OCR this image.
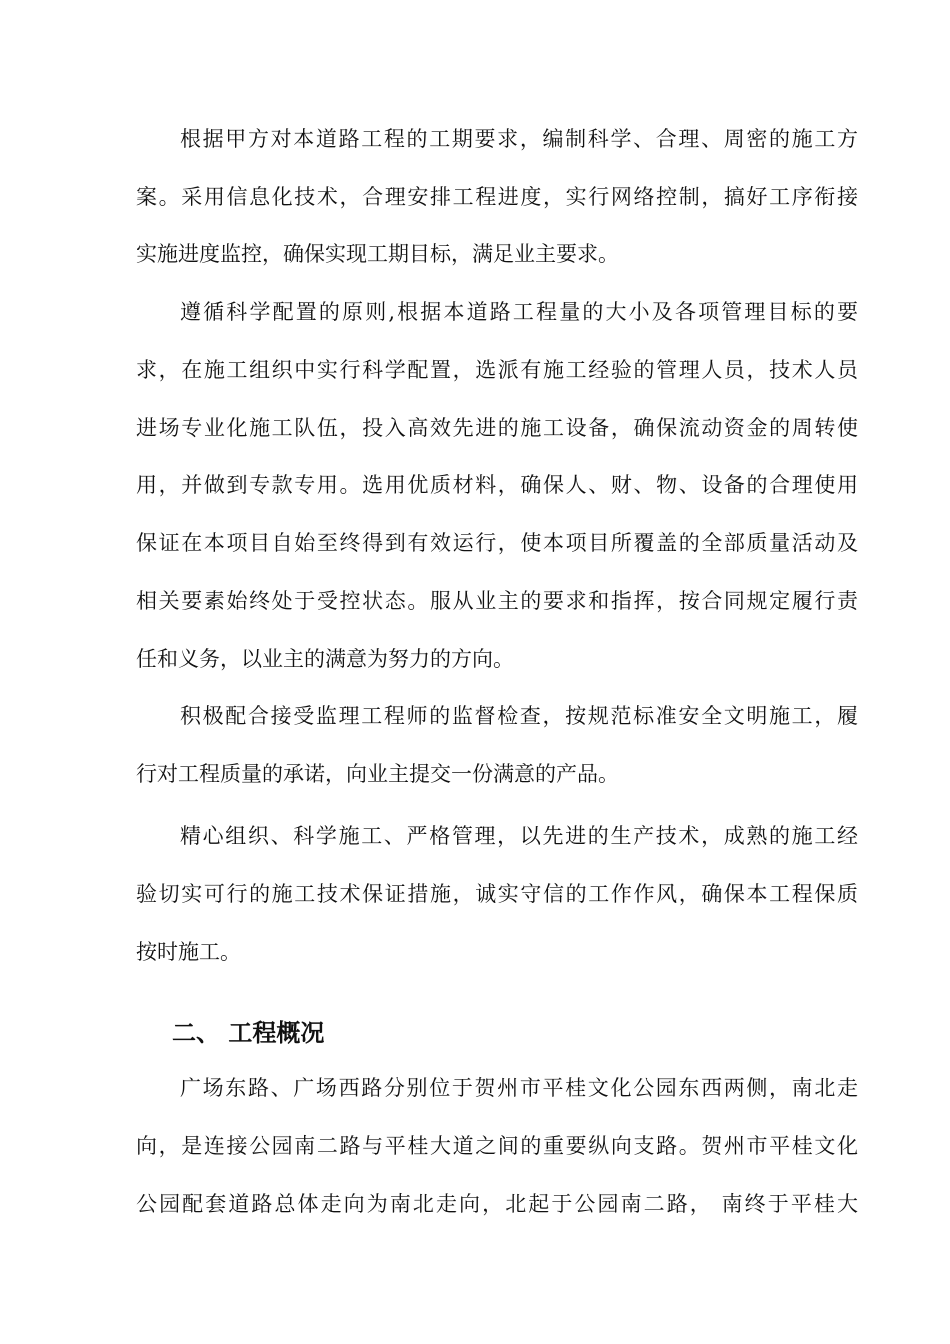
根据甲方对本道路工程的工期要求，编制科学、合理、周密的施工方
案。采用信息化技术，合理安排工程进度，实行网络控制，搞好工序衔接
实施进度监控，确保实现工期目标，满足业主要求。
遵循科学配置的原则,根据本道路工程量的大小及各项管理目标的要
求，在施工组织中实行科学配置，选派有施工经验的管理人员，技术人员
进场专业化施工队伍，投入高效先进的施工设备，确保流动资金的周转使
用，并做到专款专用。选用优质材料，确保人、财、物、设备的合理使用
保证在本项目自始至终得到有效运行，使本项目所覆盖的全部质量活动及
相关要素始终处于受控状态。服从业主的要求和指挥，按合同规定履行责
任和义务，以业主的满意为努力的方向。
积极配合接受监理工程师的监督检查，按规范标准安全文明施工，履
行对工程质量的承诺，向业主提交一份满意的产品。
精心组织、科学施工、严格管理，以先进的生产技术，成熟的施工经
验切实可行的施工技术保证措施，诚实守信的工作作风，确保本工程保质
按时施工。
二、 工程概况
广场东路、广场西路分别位于贺州市平桂文化公园东西两侧，南北走
向，是连接公园南二路与平桂大道之间的重要纵向支路。贺州市平桂文化
公园配套道路总体走向为南北走向，北起于公园南二路， 南终于平桂大
